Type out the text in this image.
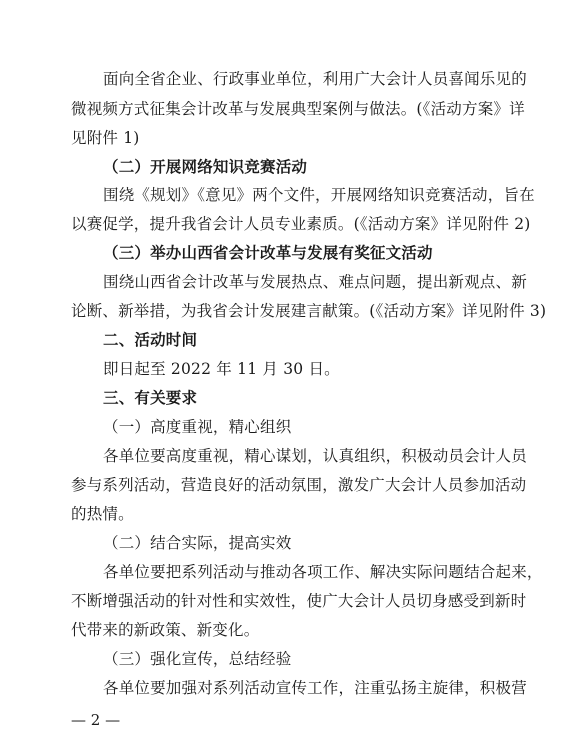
面向全省企业、行政事业单位，利用广大会计人员喜闻乐见的
微视频方式征集会计改革与发展典型案例与做法。(《活动方案》详
见附件 1)
（二）开展网络知识竞赛活动
围绕《规划》《意见》两个文件，开展网络知识竞赛活动，旨在
以赛促学，提升我省会计人员专业素质。(《活动方案》详见附件 2)
（三）举办山西省会计改革与发展有奖征文活动
围绕山西省会计改革与发展热点、难点问题，提出新观点、新
论断、新举措，为我省会计发展建言献策。(《活动方案》详见附件 3)
二、活动时间
即日起至 2022 年 11 月 30 日。
三、有关要求
（一）高度重视，精心组织
各单位要高度重视，精心谋划，认真组织，积极动员会计人员
参与系列活动，营造良好的活动氛围，激发广大会计人员参加活动
的热情。
（二）结合实际，提高实效
各单位要把系列活动与推动各项工作、解决实际问题结合起来，
不断增强活动的针对性和实效性，使广大会计人员切身感受到新时
代带来的新政策、新变化。
（三）强化宣传，总结经验
各单位要加强对系列活动宣传工作，注重弘扬主旋律，积极营
— 2 —
